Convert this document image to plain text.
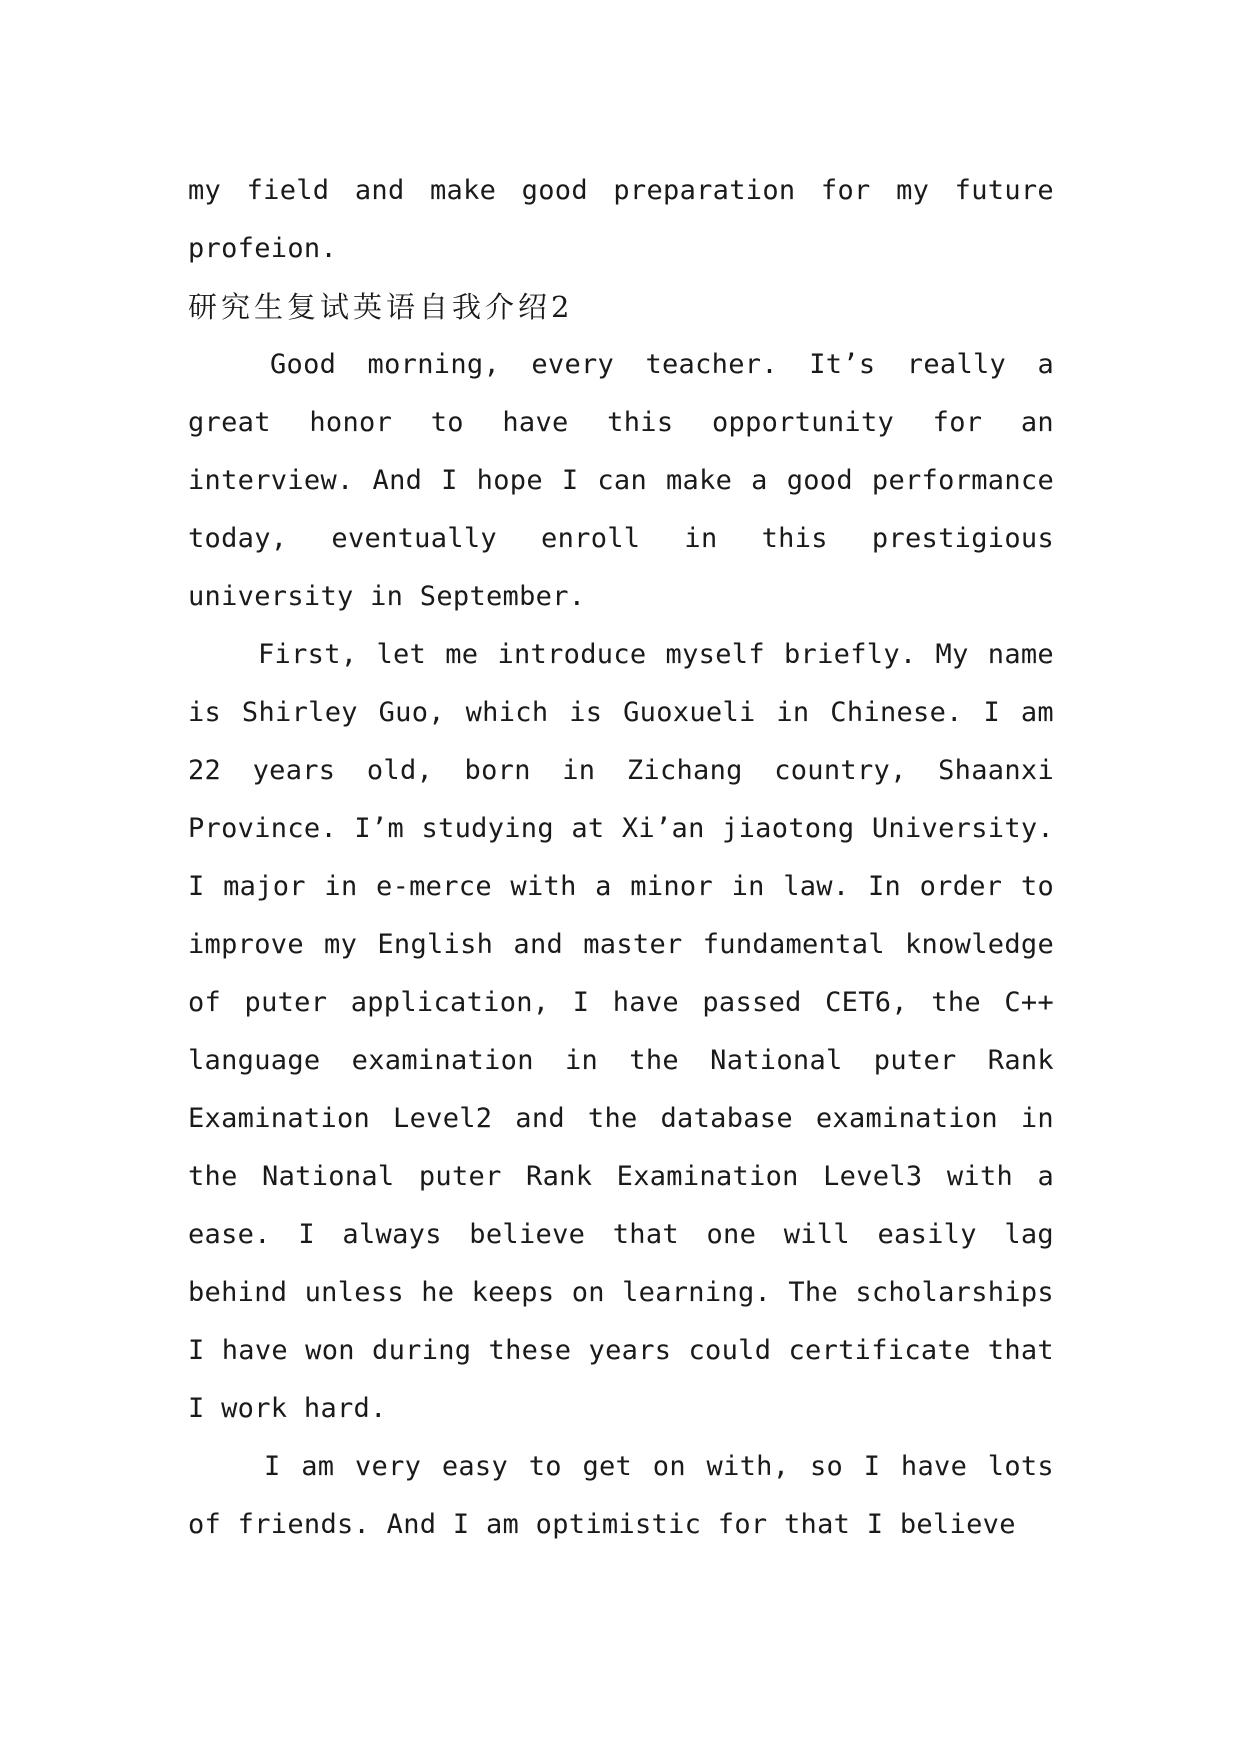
my field and make good preparation for my future profeion.

研究生复试英语自我介绍2

Good morning, every teacher. It’s really a great honor to have this opportunity for an interview. And I hope I can make a good performance today, eventually enroll in this prestigious university in September.

First, let me introduce myself briefly. My name is Shirley Guo, which is Guoxueli in Chinese. I am 22 years old, born in Zichang country, Shaanxi Province. I’m studying at Xi’an jiaotong University. I major in e-merce with a minor in law. In order to improve my English and master fundamental knowledge of puter application, I have passed CET6, the C++ language examination in the National puter Rank Examination Level2 and the database examination in the National puter Rank Examination Level3 with a ease. I always believe that one will easily lag behind unless he keeps on learning. The scholarships I have won during these years could certificate that I work hard.

I am very easy to get on with, so I have lots of friends. And I am optimistic for that I believe
